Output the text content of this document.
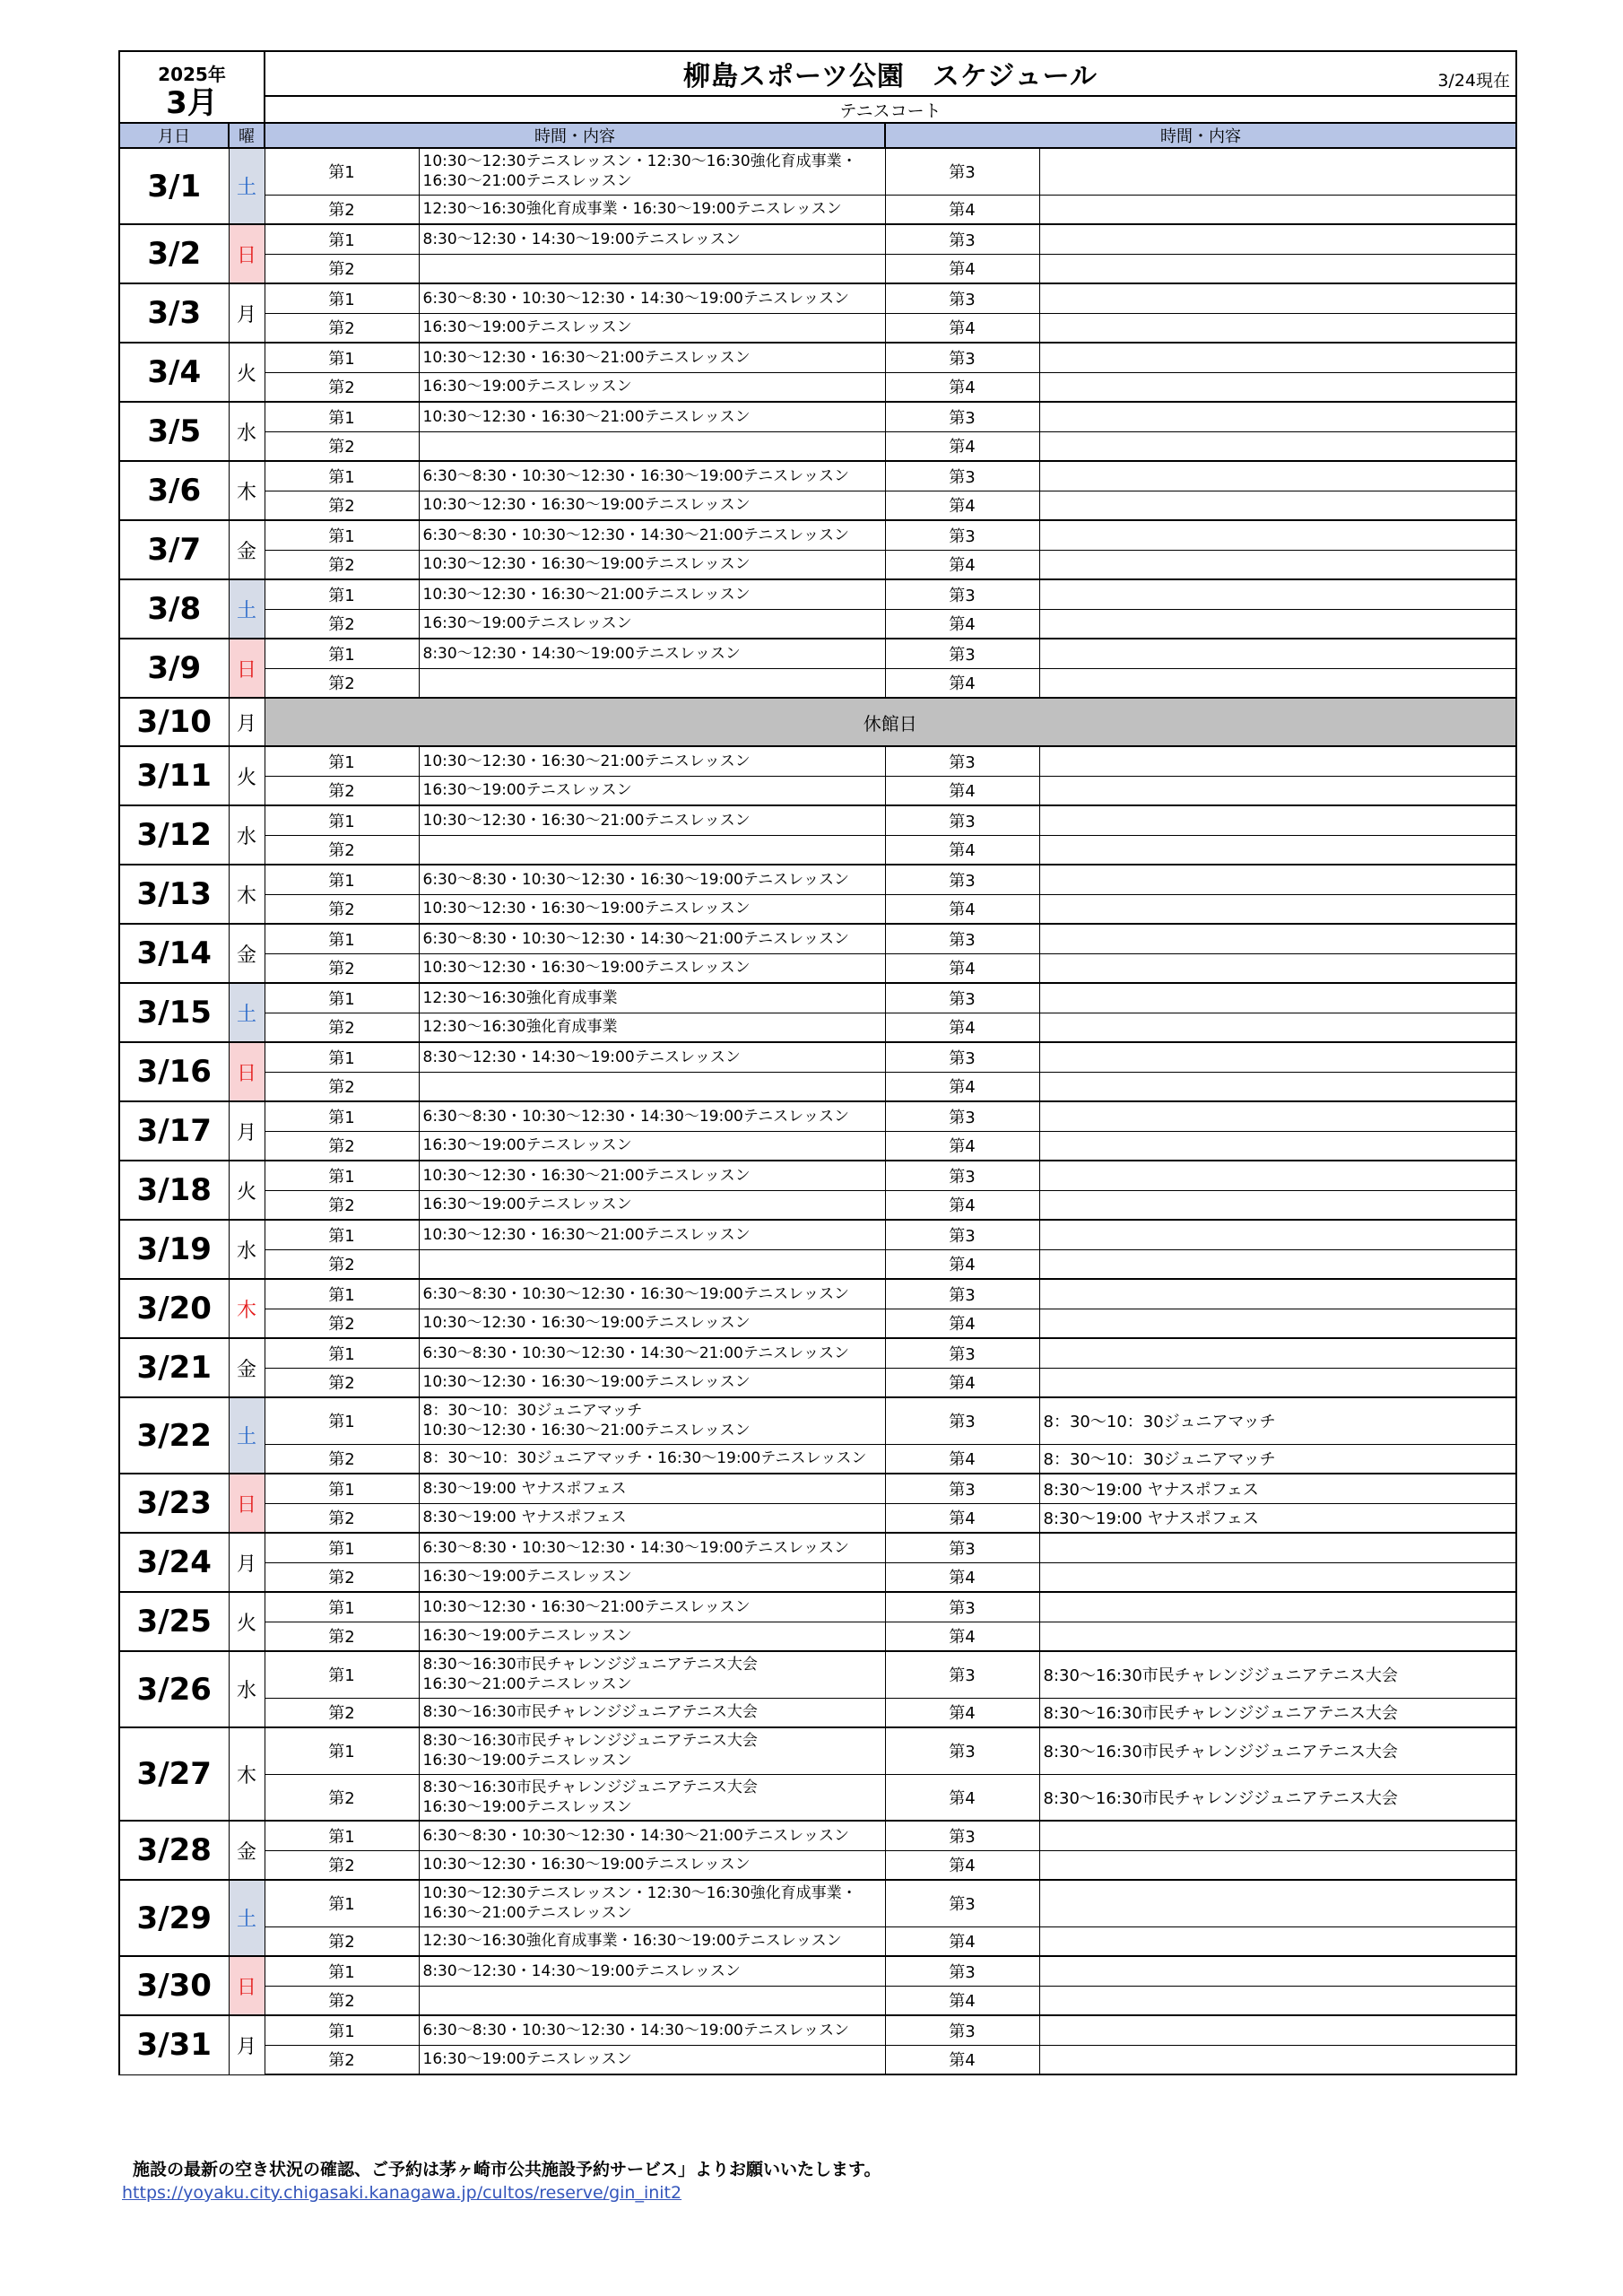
2025年
3月		柳島スポーツ公園　スケジュール 3/24現在			

		テニスコート			
月日	曜	時間・内容		時間・内容	
3/1	土	第1	10:30～12:30テニスレッスン・12:30～16:30強化育成事業・
16:30～21:00テニスレッスン	第3	
		第2	12:30～16:30強化育成事業・16:30～19:00テニスレッスン	第4	
3/2	日	第1	8:30～12:30・14:30～19:00テニスレッスン	第3	
		第2		第4	
3/3	月	第1	6:30～8:30・10:30～12:30・14:30～19:00テニスレッスン	第3	
		第2	16:30～19:00テニスレッスン	第4	
3/4	火	第1	10:30～12:30・16:30～21:00テニスレッスン	第3	
		第2	16:30～19:00テニスレッスン	第4	
3/5	水	第1	10:30～12:30・16:30～21:00テニスレッスン	第3	
		第2		第4	
3/6	木	第1	6:30～8:30・10:30～12:30・16:30～19:00テニスレッスン	第3	
		第2	10:30～12:30・16:30～19:00テニスレッスン	第4	
3/7	金	第1	6:30～8:30・10:30～12:30・14:30～21:00テニスレッスン	第3	
		第2	10:30～12:30・16:30～19:00テニスレッスン	第4	
3/8	土	第1	10:30～12:30・16:30～21:00テニスレッスン	第3	
		第2	16:30～19:00テニスレッスン	第4	
3/9	日	第1	8:30～12:30・14:30～19:00テニスレッスン	第3	
		第2		第4	
3/10	月	休館日			
3/11	火	第1	10:30～12:30・16:30～21:00テニスレッスン	第3	
		第2	16:30～19:00テニスレッスン	第4	
3/12	水	第1	10:30～12:30・16:30～21:00テニスレッスン	第3	
		第2		第4	
3/13	木	第1	6:30～8:30・10:30～12:30・16:30～19:00テニスレッスン	第3	
		第2	10:30～12:30・16:30～19:00テニスレッスン	第4	
3/14	金	第1	6:30～8:30・10:30～12:30・14:30～21:00テニスレッスン	第3	
		第2	10:30～12:30・16:30～19:00テニスレッスン	第4	
3/15	土	第1	12:30～16:30強化育成事業	第3	
		第2	12:30～16:30強化育成事業	第4	
3/16	日	第1	8:30～12:30・14:30～19:00テニスレッスン	第3	
		第2		第4	
3/17	月	第1	6:30～8:30・10:30～12:30・14:30～19:00テニスレッスン	第3	
		第2	16:30～19:00テニスレッスン	第4	
3/18	火	第1	10:30～12:30・16:30～21:00テニスレッスン	第3	
		第2	16:30～19:00テニスレッスン	第4	
3/19	水	第1	10:30～12:30・16:30～21:00テニスレッスン	第3	
		第2		第4	
3/20	木	第1	6:30～8:30・10:30～12:30・16:30～19:00テニスレッスン	第3	
		第2	10:30～12:30・16:30～19:00テニスレッスン	第4	
3/21	金	第1	6:30～8:30・10:30～12:30・14:30～21:00テニスレッスン	第3	
		第2	10:30～12:30・16:30～19:00テニスレッスン	第4	
3/22	土	第1	8：30～10：30ジュニアマッチ
10:30～12:30・16:30～21:00テニスレッスン	第3	8：30～10：30ジュニアマッチ
		第2	8：30～10：30ジュニアマッチ・16:30～19:00テニスレッスン	第4	8：30～10：30ジュニアマッチ
3/23	日	第1	8:30～19:00 ヤナスポフェス	第3	8:30～19:00 ヤナスポフェス
		第2	8:30～19:00 ヤナスポフェス	第4	8:30～19:00 ヤナスポフェス
3/24	月	第1	6:30～8:30・10:30～12:30・14:30～19:00テニスレッスン	第3	
		第2	16:30～19:00テニスレッスン	第4	
3/25	火	第1	10:30～12:30・16:30～21:00テニスレッスン	第3	
		第2	16:30～19:00テニスレッスン	第4	
3/26	水	第1	8:30～16:30市民チャレンジジュニアテニス大会
16:30～21:00テニスレッスン	第3	8:30～16:30市民チャレンジジュニアテニス大会
		第2	8:30～16:30市民チャレンジジュニアテニス大会	第4	8:30～16:30市民チャレンジジュニアテニス大会
3/27	木	第1	8:30～16:30市民チャレンジジュニアテニス大会
16:30～19:00テニスレッスン	第3	8:30～16:30市民チャレンジジュニアテニス大会
		第2	8:30～16:30市民チャレンジジュニアテニス大会
16:30～19:00テニスレッスン	第4	8:30～16:30市民チャレンジジュニアテニス大会
3/28	金	第1	6:30～8:30・10:30～12:30・14:30～21:00テニスレッスン	第3	
		第2	10:30～12:30・16:30～19:00テニスレッスン	第4	
3/29	土	第1	10:30～12:30テニスレッスン・12:30～16:30強化育成事業・
16:30～21:00テニスレッスン	第3	
		第2	12:30～16:30強化育成事業・16:30～19:00テニスレッスン	第4	
3/30	日	第1	8:30～12:30・14:30～19:00テニスレッスン	第3	
		第2		第4	
3/31	月	第1	6:30～8:30・10:30～12:30・14:30～19:00テニスレッスン	第3	
		第2	16:30～19:00テニスレッスン	第4	
施設の最新の空き状況の確認、ご予約は茅ヶ崎市公共施設予約サービス」よりお願いいたします。
https://yoyaku.city.chigasaki.kanagawa.jp/cultos/reserve/gin_init2
